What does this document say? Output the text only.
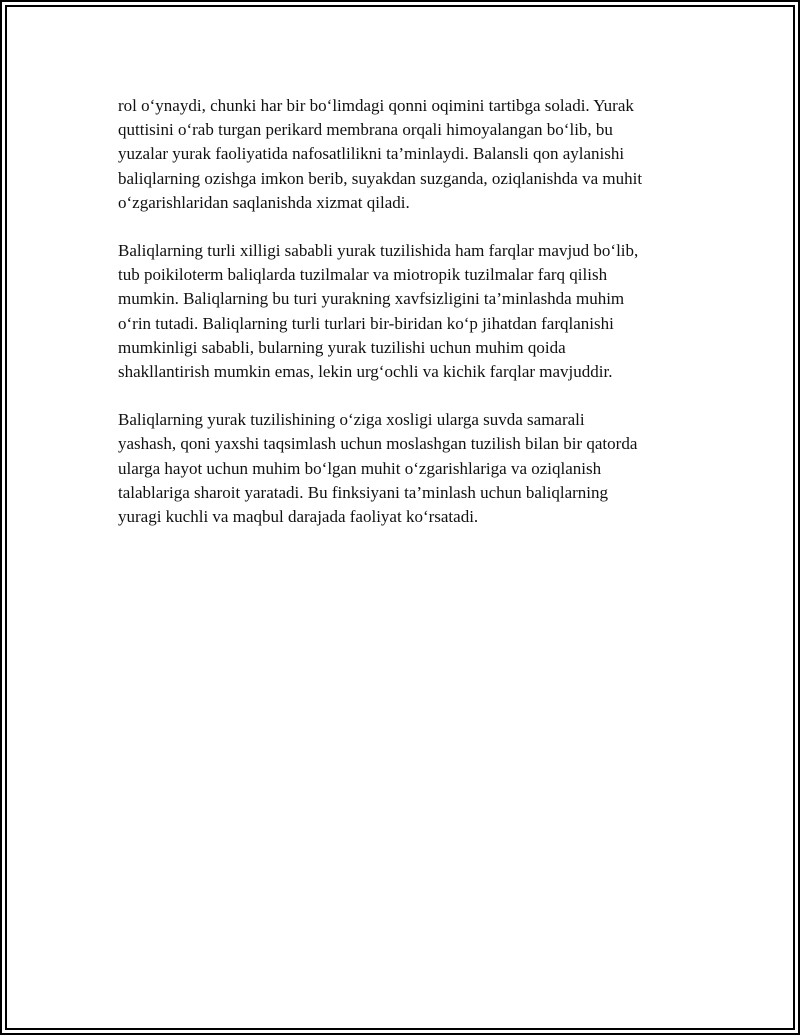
rol o‘ynaydi, chunki har bir bo‘limdagi qonni oqimini tartibga soladi. Yurak
quttisini o‘rab turgan perikard membrana orqali himoyalangan bo‘lib, bu
yuzalar yurak faoliyatida nafosatlilikni ta’minlaydi. Balansli qon aylanishi
baliqlarning ozishga imkon berib, suyakdan suzganda, oziqlanishda va muhit
o‘zgarishlaridan saqlanishda xizmat qiladi.

Baliqlarning turli xilligi sababli yurak tuzilishida ham farqlar mavjud bo‘lib,
tub poikiloterm baliqlarda tuzilmalar va miotropik tuzilmalar farq qilish
mumkin. Baliqlarning bu turi yurakning xavfsizligini ta’minlashda muhim
o‘rin tutadi. Baliqlarning turli turlari bir-biridan ko‘p jihatdan farqlanishi
mumkinligi sababli, bularning yurak tuzilishi uchun muhim qoida
shakllantirish mumkin emas, lekin urg‘ochli va kichik farqlar mavjuddir.

Baliqlarning yurak tuzilishining o‘ziga xosligi ularga suvda samarali
yashash, qoni yaxshi taqsimlash uchun moslashgan tuzilish bilan bir qatorda
ularga hayot uchun muhim bo‘lgan muhit o‘zgarishlariga va oziqlanish
talablariga sharoit yaratadi. Bu finksiyani ta’minlash uchun baliqlarning
yuragi kuchli va maqbul darajada faoliyat ko‘rsatadi.
